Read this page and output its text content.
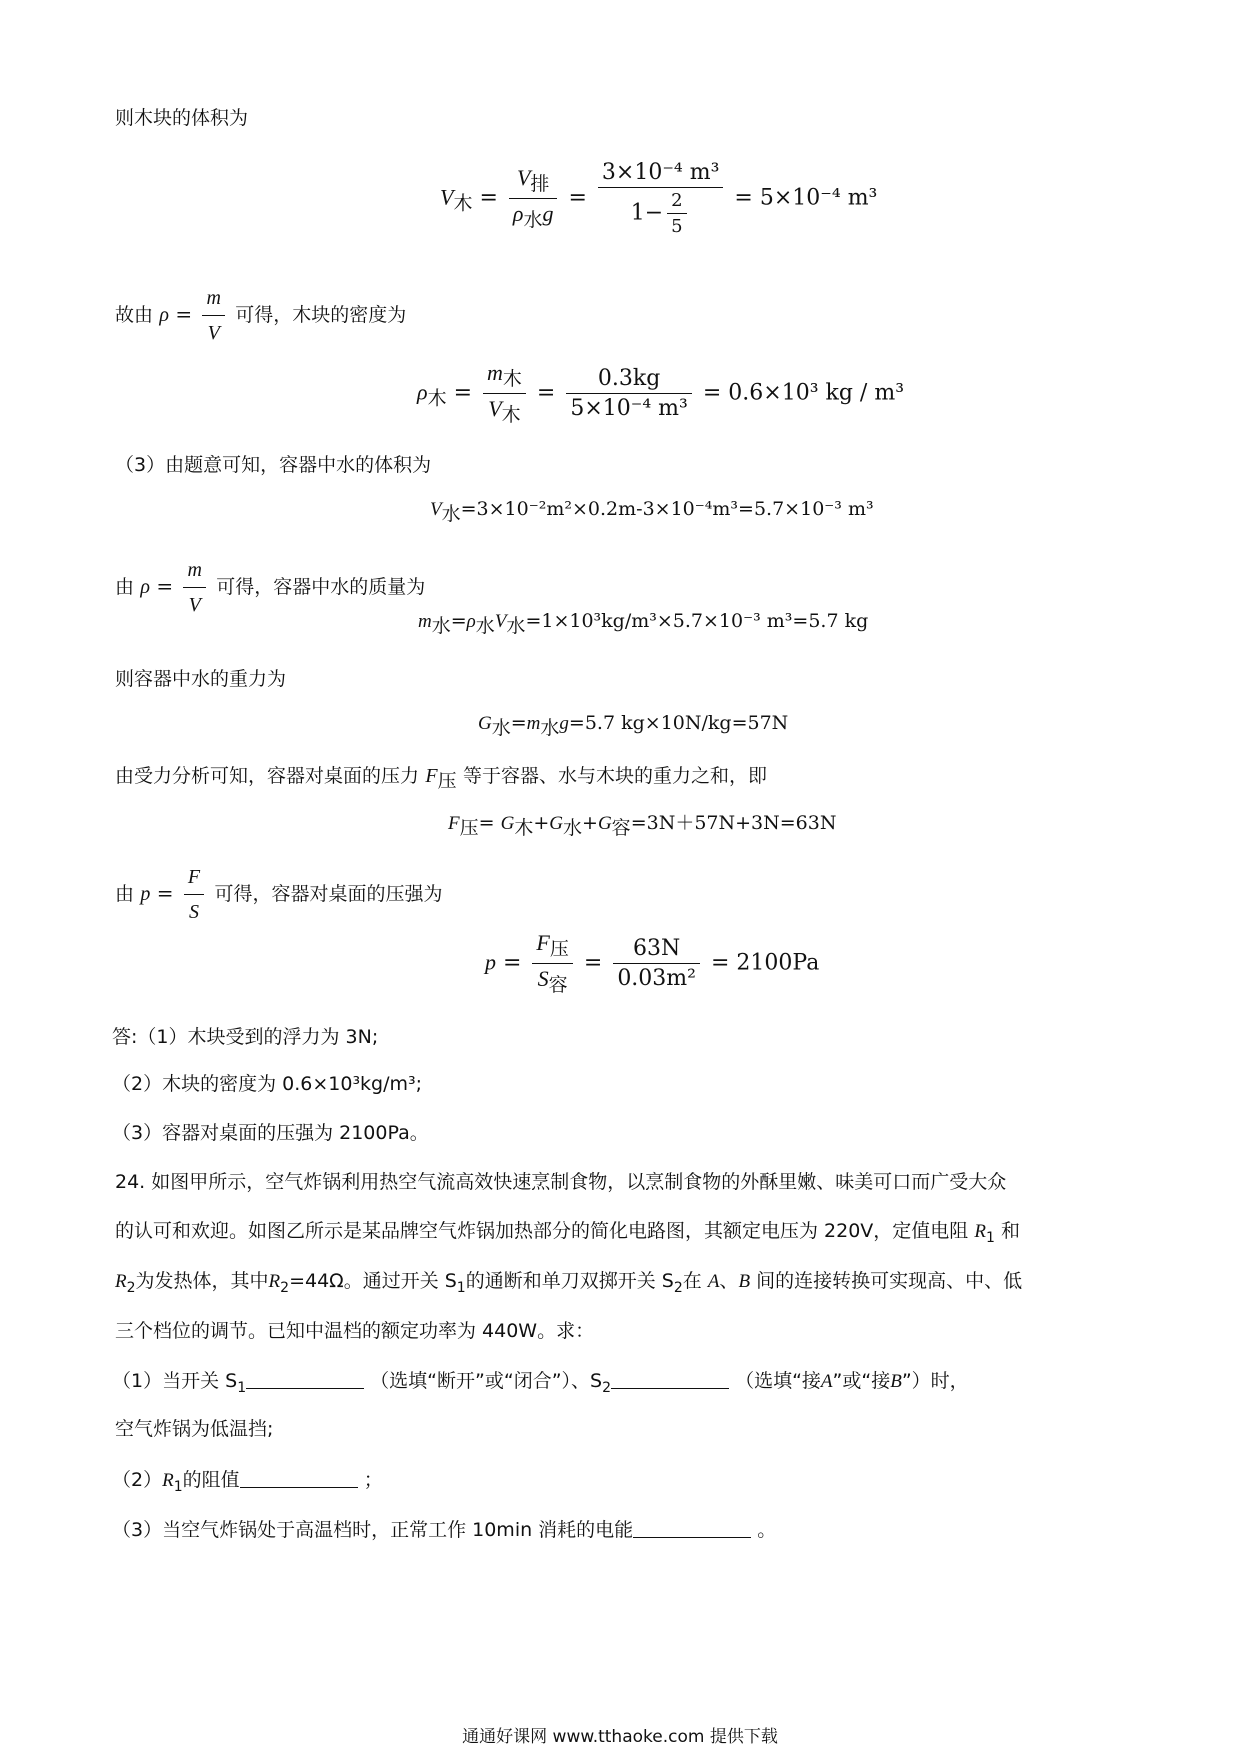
则木块的体积为
V木 = $\frac{\text{V排}}{\text{ρ水g}} = \frac{\text{3×10⁻⁴ m³}}{1- \frac{2}{5}} = 5\times 10^{-4}$ m³
故由 $\rho = \frac{m}{V}$ 可得，木块的密度为
ρ木 = $\frac{\text{m木}}{\text{V木}} = \frac{0.3kg}{\text{5×10⁻⁴ m³}} = 0.6\times 10^3$ kg / m³
（3）由题意可知，容器中水的体积为
V水=3×10⁻²m²×0.2m-3×10⁻⁴m³=5.7×10⁻³ m³
由 $\rho = \frac{m}{V}$ 可得，容器中水的质量为
m水=ρ水V水=1×10³kg/m³×5.7×10⁻³ m³=5.7 kg
则容器中水的重力为
G水=m水g=5.7 kg×10N/kg=57N
由受力分析可知，容器对桌面的压力 F压 等于容器、水与木块的重力之和，即
F压= G木+G水+G容=3N＋57N+3N=63N
由 $p = \frac{F}{S}$ 可得，容器对桌面的压强为
$p = \frac{\text{F压}}{\text{S容}} = \frac{63N}{\text{0.03m²}} = 2100Pa$
答:（1）木块受到的浮力为 3N;
（2）木块的密度为 0.6×10³kg/m³;
（3）容器对桌面的压强为 2100Pa。
24. 如图甲所示，空气炸锅利用热空气流高效快速烹制食物，以烹制食物的外酥里嫩、味美可口而广受大众
的认可和欢迎。如图乙所示是某品牌空气炸锅加热部分的简化电路图，其额定电压为 220V，定值电阻 $R_1$ 和
$R_2$为发热体，其中$R_2=44\Omega$。通过开关 $S_1$的通断和单刀双掷开关 $S_2$在 A、B 间的连接转换可实现高、中、低
三个档位的调节。已知中温档的额定功率为 440W。求：
（1）当开关 $S_1$	（选填“断开”或“闭合”）、$S_2$	（选填“接A”或“接B”）时，
空气炸锅为低温挡;
$(2)R_1$的阻值	；
（3）当空气炸锅处于高温档时，正常工作 10min 消耗的电能	。
通通好课网 www.tthaoke.com 提供下载
